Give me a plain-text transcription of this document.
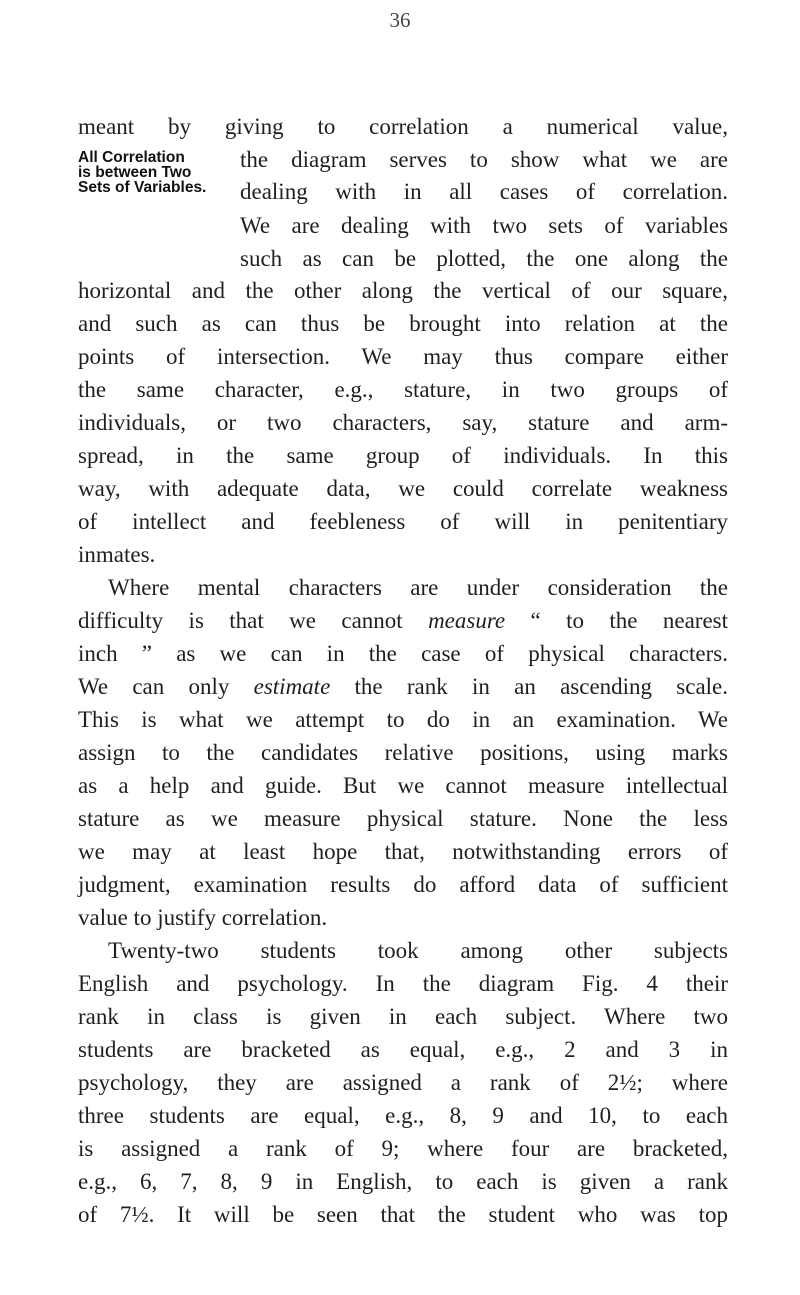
36
All Correlation
is between Two
Sets of Variables.
meant by giving to correlation a numerical value,
the diagram serves to show what we are
dealing with in all cases of correlation.
We are dealing with two sets of variables
such as can be plotted, the one along the
horizontal and the other along the vertical of our square,
and such as can thus be brought into relation at the
points of intersection. We may thus compare either
the same character, e.g., stature, in two groups of
individuals, or two characters, say, stature and arm-
spread, in the same group of individuals. In this
way, with adequate data, we could correlate weakness
of intellect and feebleness of will in penitentiary
inmates.
Where mental characters are under consideration the
difficulty is that we cannot measure “ to the nearest
inch ” as we can in the case of physical characters.
We can only estimate the rank in an ascending scale.
This is what we attempt to do in an examination. We
assign to the candidates relative positions, using marks
as a help and guide. But we cannot measure intellectual
stature as we measure physical stature. None the less
we may at least hope that, notwithstanding errors of
judgment, examination results do afford data of sufficient
value to justify correlation.
Twenty-two students took among other subjects
English and psychology. In the diagram Fig. 4 their
rank in class is given in each subject. Where two
students are bracketed as equal, e.g., 2 and 3 in
psychology, they are assigned a rank of 2½; where
three students are equal, e.g., 8, 9 and 10, to each
is assigned a rank of 9; where four are bracketed,
e.g., 6, 7, 8, 9 in English, to each is given a rank
of 7½. It will be seen that the student who was top
